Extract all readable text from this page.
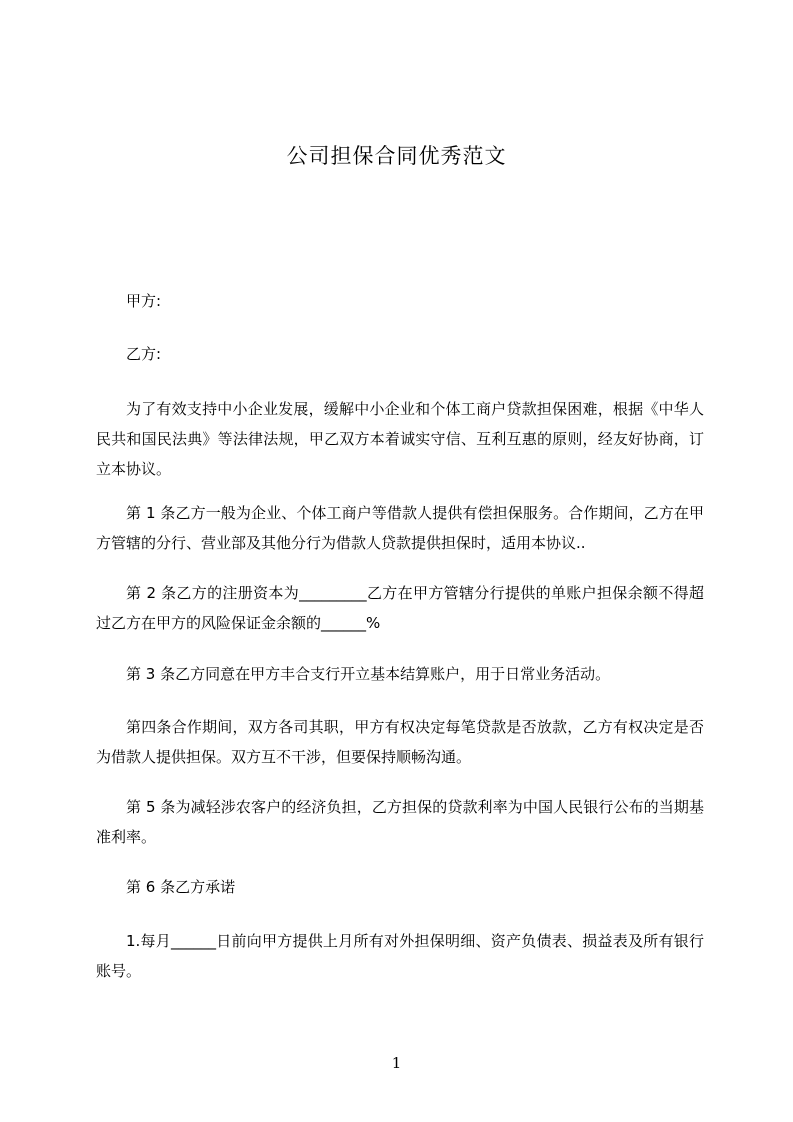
公司担保合同优秀范文

甲方:

乙方:

为了有效支持中小企业发展，缓解中小企业和个体工商户贷款担保困难，根据《中华人民共和国民法典》等法律法规，甲乙双方本着诚实守信、互利互惠的原则，经友好协商，订立本协议。

第 1 条乙方一般为企业、个体工商户等借款人提供有偿担保服务。合作期间，乙方在甲方管辖的分行、营业部及其他分行为借款人贷款提供担保时，适用本协议..

第 2 条乙方的注册资本为_________乙方在甲方管辖分行提供的单账户担保余额不得超过乙方在甲方的风险保证金余额的______%

第 3 条乙方同意在甲方丰合支行开立基本结算账户，用于日常业务活动。

第四条合作期间，双方各司其职，甲方有权决定每笔贷款是否放款，乙方有权决定是否为借款人提供担保。双方互不干涉，但要保持顺畅沟通。

第 5 条为减轻涉农客户的经济负担，乙方担保的贷款利率为中国人民银行公布的当期基准利率。

第 6 条乙方承诺

1.每月______日前向甲方提供上月所有对外担保明细、资产负债表、损益表及所有银行账号。

1
